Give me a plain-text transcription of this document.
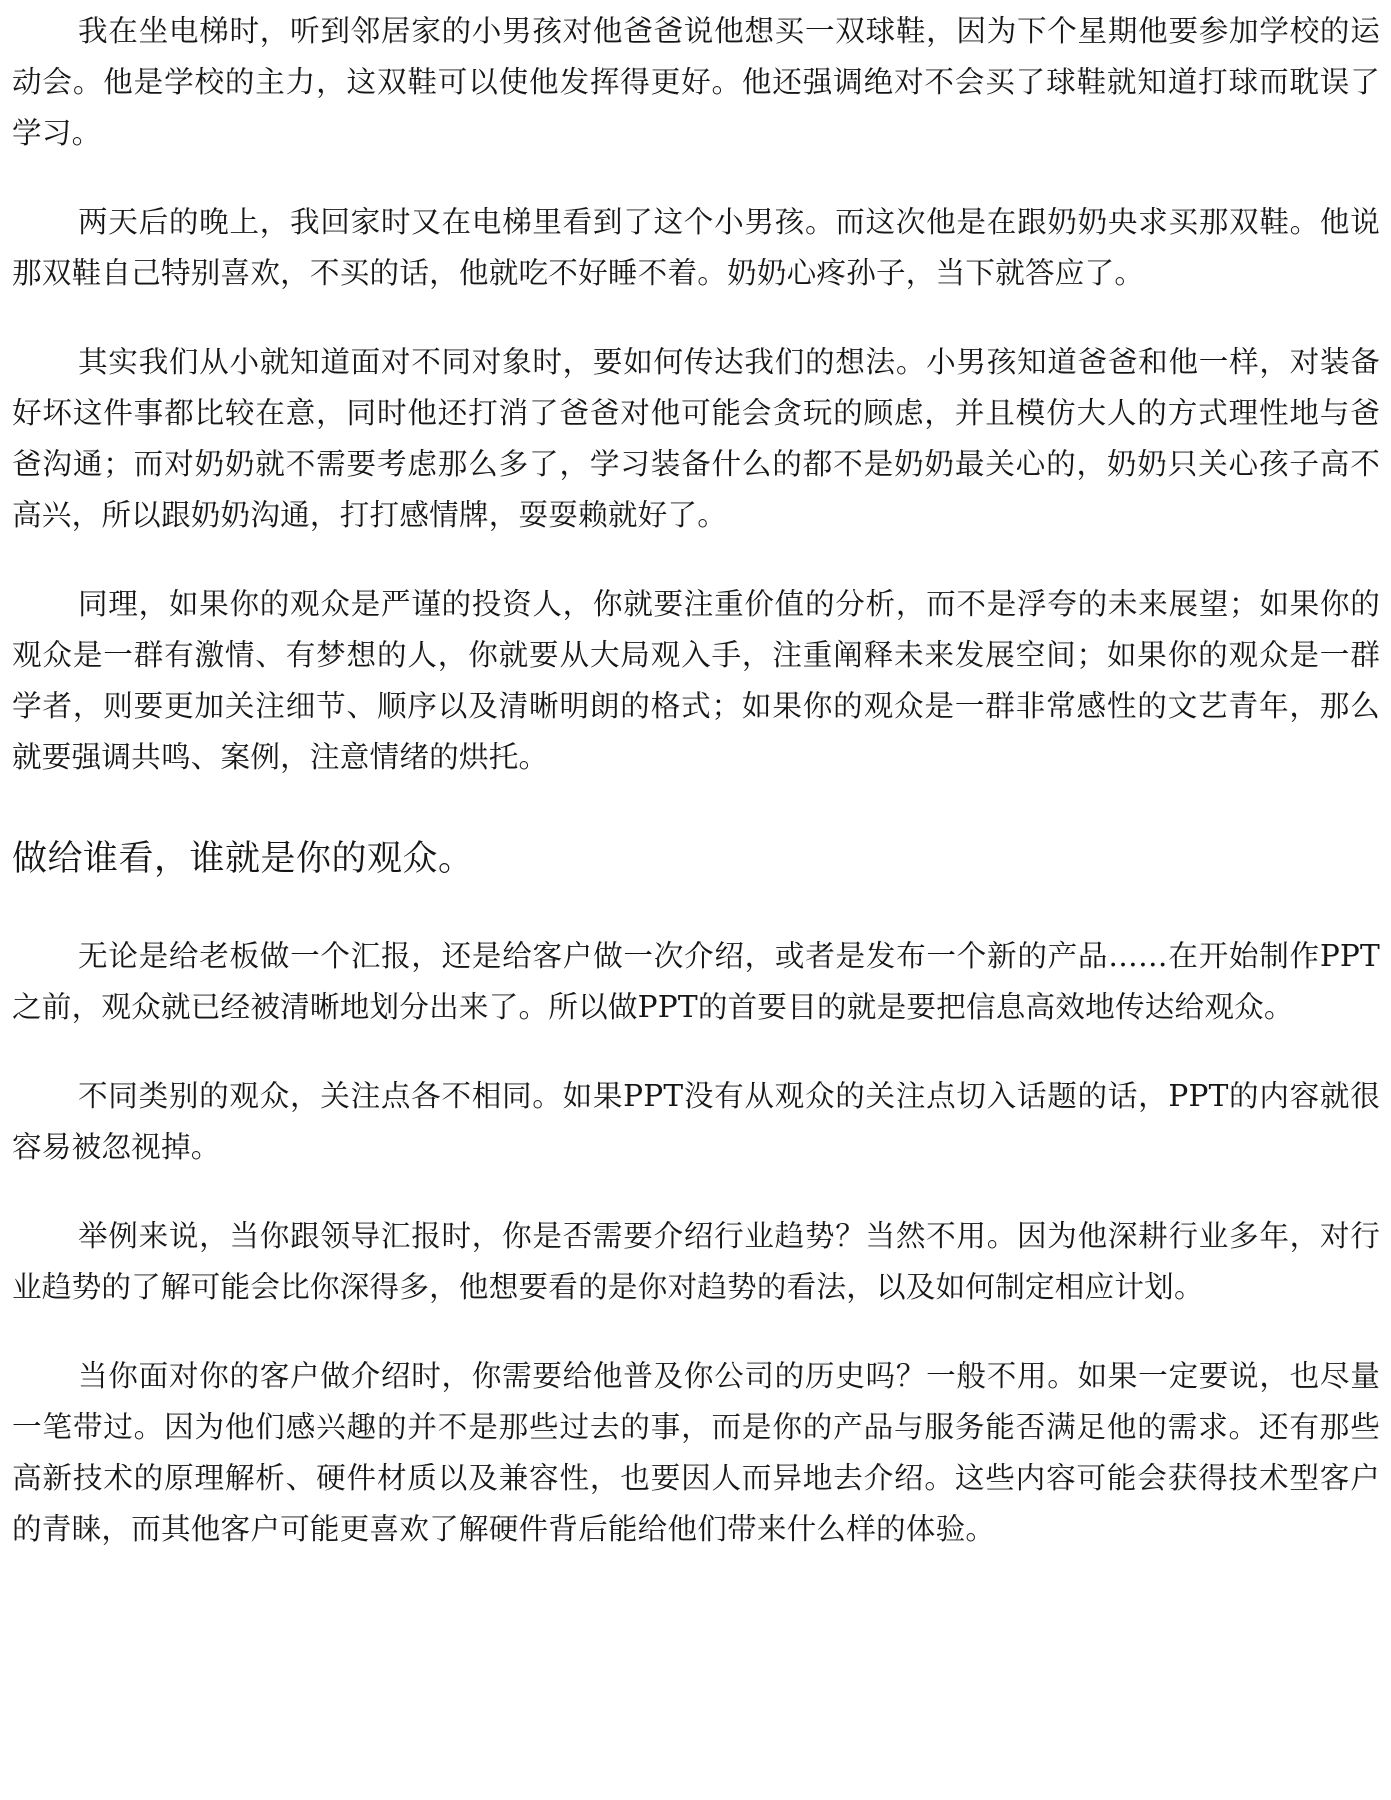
我在坐电梯时，听到邻居家的小男孩对他爸爸说他想买一双球鞋，因为下个星期他要参加学校的运动会。他是学校的主力，这双鞋可以使他发挥得更好。他还强调绝对不会买了球鞋就知道打球而耽误了学习。

两天后的晚上，我回家时又在电梯里看到了这个小男孩。而这次他是在跟奶奶央求买那双鞋。他说那双鞋自己特别喜欢，不买的话，他就吃不好睡不着。奶奶心疼孙子，当下就答应了。

其实我们从小就知道面对不同对象时，要如何传达我们的想法。小男孩知道爸爸和他一样，对装备好坏这件事都比较在意，同时他还打消了爸爸对他可能会贪玩的顾虑，并且模仿大人的方式理性地与爸爸沟通；而对奶奶就不需要考虑那么多了，学习装备什么的都不是奶奶最关心的，奶奶只关心孩子高不高兴，所以跟奶奶沟通，打打感情牌，耍耍赖就好了。

同理，如果你的观众是严谨的投资人，你就要注重价值的分析，而不是浮夸的未来展望；如果你的观众是一群有激情、有梦想的人，你就要从大局观入手，注重阐释未来发展空间；如果你的观众是一群学者，则要更加关注细节、顺序以及清晰明朗的格式；如果你的观众是一群非常感性的文艺青年，那么就要强调共鸣、案例，注意情绪的烘托。

做给谁看，谁就是你的观众。

无论是给老板做一个汇报，还是给客户做一次介绍，或者是发布一个新的产品……在开始制作PPT之前，观众就已经被清晰地划分出来了。所以做PPT的首要目的就是要把信息高效地传达给观众。

不同类别的观众，关注点各不相同。如果PPT没有从观众的关注点切入话题的话，PPT的内容就很容易被忽视掉。

举例来说，当你跟领导汇报时，你是否需要介绍行业趋势？当然不用。因为他深耕行业多年，对行业趋势的了解可能会比你深得多，他想要看的是你对趋势的看法，以及如何制定相应计划。

当你面对你的客户做介绍时，你需要给他普及你公司的历史吗？一般不用。如果一定要说，也尽量一笔带过。因为他们感兴趣的并不是那些过去的事，而是你的产品与服务能否满足他的需求。还有那些高新技术的原理解析、硬件材质以及兼容性，也要因人而异地去介绍。这些内容可能会获得技术型客户的青睐，而其他客户可能更喜欢了解硬件背后能给他们带来什么样的体验。
